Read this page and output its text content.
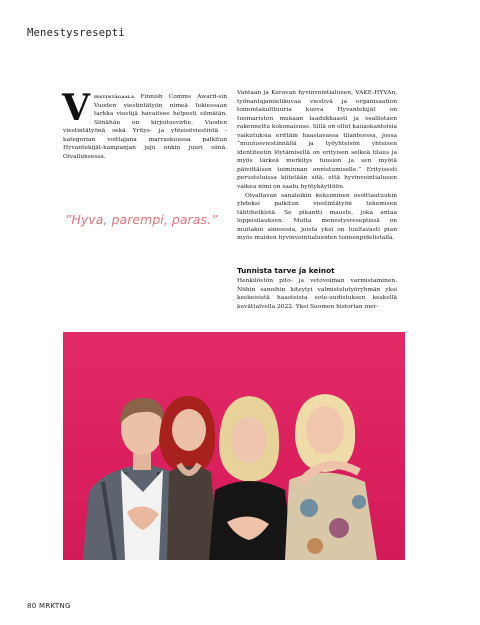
Menestysresepti

Viestintägaala Finnish Comms Award-sin Vuoden viestintätyön nimeä lukiessaan tarkka viestijä havaitsee helposti silmäiän. Siinähän on kirjoitusvirhe. Vuoden viestintätyönä sekä Yritys- ja yhteisöviestintä -kategorian voittajana marraskuussa palkitun Hyvantekijät-kampanjan juju onkin juuri siinä. Oivalluksessa.

”Hyva, parempi, paras.”

Vantaan ja Keravan hyvinvointialueen, VAKE-HYVAn, työnantajamielikuvaa viestivä ja organisaation toimintakulttuuria kuova Hyvantekijät on tuomariston mukaan laadukkaasti ja osallistaen rakennettu kokonaisuus. Sillä on ollut kauaskantoisia vaikutuksia erittäin haastavassa tilanteessa, jossa “muutosviestinnällä ja työyhteisön yhteisen identiteetin löytämisellä on erityisen selkeä tilaus ja myös tärkeä merkitys fuusion ja sen myötä päivittäisen toiminnan onnistumiselle.” Erityisesti perusteluissa kiitetään sitä, että hyvinvointialueen vaikea nimi on saatu hyötykäyttöön.

Oivaltavan sanaleikin keksiminen osoittautuukin yhdeksi palkitun viestintätyön tekemisen tähtihetkistä. Se pikantti mauste, joka antaa loppusilauksen. Mutta menestysreseptissä on muitakin ainesosia, joista yksi on luultavasti pian myös muiden hyvinvointialueiden toimenpidelistalla.

Tunnista tarve ja keinot
Henkilöstön pito- ja vetovoiman varmistaminen. Niihin sanoihin kiteytyi valmistelutyöryhmän yksi keskeisistä haasteista sote-uudistuksen keskellä kevättalvella 2022. Yksi Suomen historian mer-
80 MRKTNG
